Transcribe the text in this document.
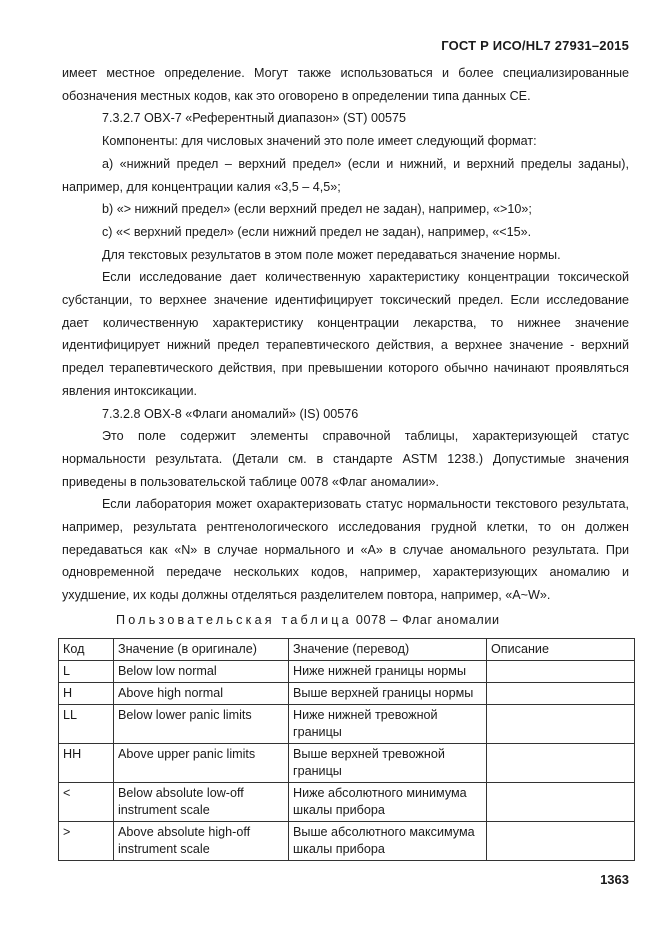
ГОСТ Р ИСО/HL7 27931–2015

имеет местное определение. Могут также использоваться и более специализированные обозначения местных кодов, как это оговорено в определении типа данных CE.

7.3.2.7 OBX-7 «Референтный диапазон» (ST) 00575

Компоненты: для числовых значений это поле имеет следующий формат:

a) «нижний предел – верхний предел» (если и нижний, и верхний пределы заданы), например, для концентрации калия «3,5 – 4,5»;

b) «> нижний предел» (если верхний предел не задан), например, «>10»;

c) «< верхний предел» (если нижний предел не задан), например, «<15».

Для текстовых результатов в этом поле может передаваться значение нормы.

Если исследование дает количественную характеристику концентрации токсической субстанции, то верхнее значение идентифицирует токсический предел. Если исследование дает количественную характеристику концентрации лекарства, то нижнее значение идентифицирует нижний предел терапевтического действия, а верхнее значение - верхний предел терапевтического действия, при превышении которого обычно начинают проявляться явления интоксикации.

7.3.2.8 OBX-8 «Флаги аномалий» (IS) 00576

Это поле содержит элементы справочной таблицы, характеризующей статус нормальности результата. (Детали см. в стандарте ASTM 1238.) Допустимые значения приведены в пользовательской таблице 0078 «Флаг аномалии».

Если лаборатория может охарактеризовать статус нормальности текстового результата, например, результата рентгенологического исследования грудной клетки, то он должен передаваться как «N» в случае нормального и «A» в случае аномального результата. При одновременной передаче нескольких кодов, например, характеризующих аномалию и ухудшение, их коды должны отделяться разделителем повтора, например, «A~W».

Пользовательская таблица 0078 – Флаг аномалии

Код	Значение (в оригинале)	Значение (перевод)	Описание
L	Below low normal	Ниже нижней границы нормы	
H	Above high normal	Выше верхней границы нормы	
LL	Below lower panic limits	Ниже нижней тревожной границы	
HH	Above upper panic limits	Выше верхней тревожной границы	
<	Below absolute low-off instrument scale	Ниже абсолютного минимума шкалы прибора	
>	Above absolute high-off instrument scale	Выше абсолютного максимума шкалы прибора	
1363
